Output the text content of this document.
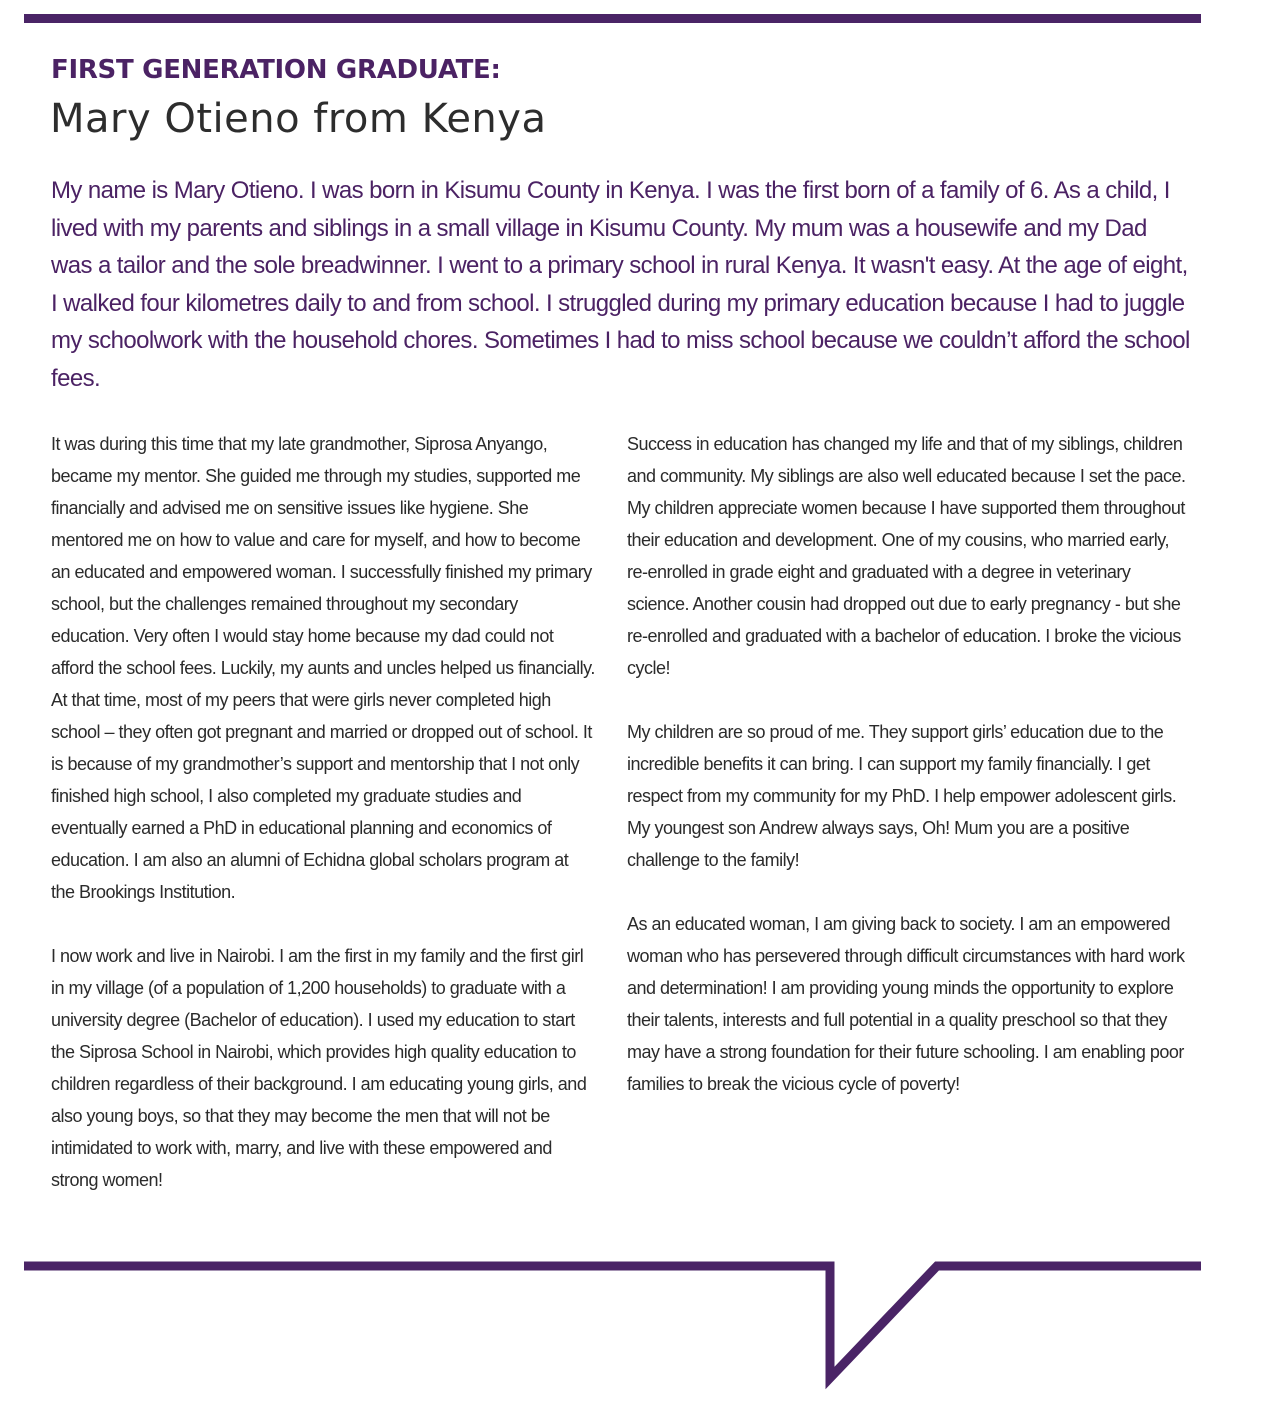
FIRST GENERATION GRADUATE:
Mary Otieno from Kenya

My name is Mary Otieno. I was born in Kisumu County in Kenya. I was the first born of a family of 6. As a child, I lived with my parents and siblings in a small village in Kisumu County. My mum was a housewife and my Dad was a tailor and the sole breadwinner. I went to a primary school in rural Kenya. It wasn't easy. At the age of eight, I walked four kilometres daily to and from school. I struggled during my primary education because I had to juggle my schoolwork with the household chores. Sometimes I had to miss school because we couldn’t afford the school fees.

It was during this time that my late grandmother, Siprosa Anyango, became my mentor. She guided me through my studies, supported me financially and advised me on sensitive issues like hygiene. She mentored me on how to value and care for myself, and how to become an educated and empowered woman. I successfully finished my primary school, but the challenges remained throughout my secondary education. Very often I would stay home because my dad could not afford the school fees. Luckily, my aunts and uncles helped us financially. At that time, most of my peers that were girls never completed high school – they often got pregnant and married or dropped out of school. It is because of my grandmother’s support and mentorship that I not only finished high school, I also completed my graduate studies and eventually earned a PhD in educational planning and economics of education. I am also an alumni of Echidna global scholars program at the Brookings Institution.

I now work and live in Nairobi. I am the first in my family and the first girl in my village (of a population of 1,200 households) to graduate with a university degree (Bachelor of education). I used my education to start the Siprosa School in Nairobi, which provides high quality education to children regardless of their background. I am educating young girls, and also young boys, so that they may become the men that will not be intimidated to work with, marry, and live with these empowered and strong women!

Success in education has changed my life and that of my siblings, children and community. My siblings are also well educated because I set the pace. My children appreciate women because I have supported them throughout their education and development. One of my cousins, who married early, re-enrolled in grade eight and graduated with a degree in veterinary science. Another cousin had dropped out due to early pregnancy - but she re-enrolled and graduated with a bachelor of education. I broke the vicious cycle!

My children are so proud of me. They support girls’ education due to the incredible benefits it can bring. I can support my family financially. I get respect from my community for my PhD. I help empower adolescent girls. My youngest son Andrew always says, Oh! Mum you are a positive challenge to the family!

As an educated woman, I am giving back to society. I am an empowered woman who has persevered through difficult circumstances with hard work and determination! I am providing young minds the opportunity to explore their talents, interests and full potential in a quality preschool so that they may have a strong foundation for their future schooling. I am enabling poor families to break the vicious cycle of poverty!
